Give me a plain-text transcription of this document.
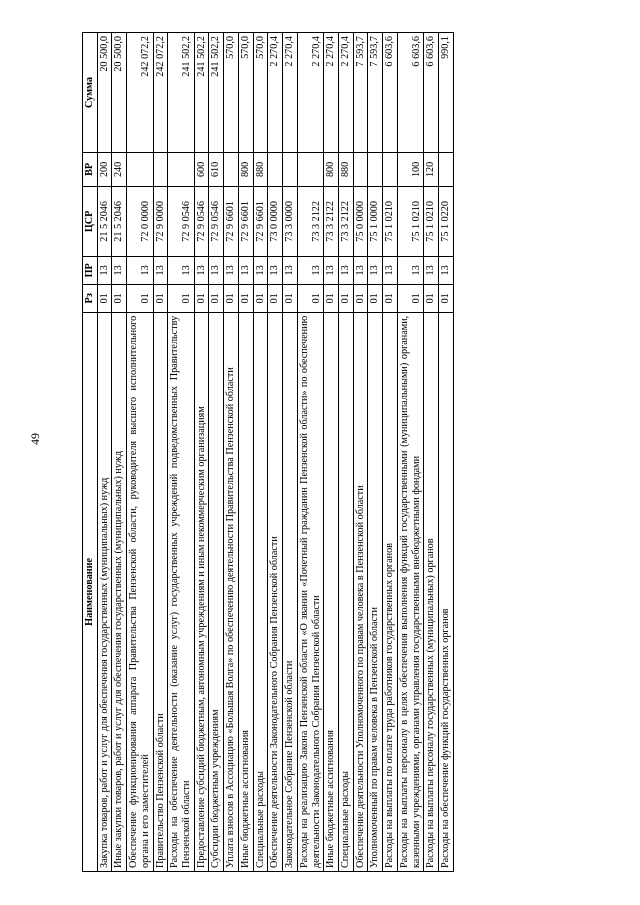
49
Наименование	Рз	ПР	ЦСР	ВР	Сумма
Закупка товаров, работ и услуг для обеспечения государственных (муниципальных) нужд	01	13	21 5 2046	200	20 500,0
Иные закупки товаров, работ и услуг для обеспечения государственных (муниципальных) нужд	01	13	21 5 2046	240	20 500,0
Обеспечение функционирования аппарата Правительства Пензенской области, руководителя высшего исполнительного органа и его заместителей	01	13	72 0 0000		242 072,2
Правительство Пензенской области	01	13	72 9 0000		242 072,2
Расходы на обеспечение деятельности (оказание услуг) государственных учреждений подведомственных Правительству Пензенской области	01	13	72 9 0546		241 502,2
Предоставление субсидий бюджетным, автономным учреждениям и иным некоммерческим организациям	01	13	72 9 0546	600	241 502,2
Субсидии бюджетным учреждениям	01	13	72 9 0546	610	241 502,2
Уплата взносов в Ассоциацию «Большая Волга» по обеспечению деятельности Правительства Пензенской области	01	13	72 9 6601		570,0
Иные бюджетные ассигнования	01	13	72 9 6601	800	570,0
Специальные расходы	01	13	72 9 6601	880	570,0
Обеспечение деятельности Законодательного Собрания Пензенской области	01	13	73 0 0000		2 270,4
Законодательное Собрание Пензенской области	01	13	73 3 0000		2 270,4
Расходы на реализацию Закона Пензенской области «О звании «Почетный гражданин Пензенской области» по обеспечению деятельности Законодательного Собрания Пензенской области	01	13	73 3 2122		2 270,4
Иные бюджетные ассигнования	01	13	73 3 2122	800	2 270,4
Специальные расходы	01	13	73 3 2122	880	2 270,4
Обеспечение деятельности Уполномоченного по правам человека в Пензенской области	01	13	75 0 0000		7 593,7
Уполномоченный по правам человека в Пензенской области	01	13	75 1 0000		7 593,7
Расходы на выплаты по оплате труда работников государственных органов	01	13	75 1 0210		6 603,6
Расходы на выплаты персоналу в целях обеспечения выполнения функций государственными (муниципальными) органами, казенными учреждениями, органами управления государственными внебюджетными фондами	01	13	75 1 0210	100	6 603,6
Расходы на выплаты персоналу государственных (муниципальных) органов	01	13	75 1 0210	120	6 603,6
Расходы на обеспечение функций государственных органов	01	13	75 1 0220		990,1
